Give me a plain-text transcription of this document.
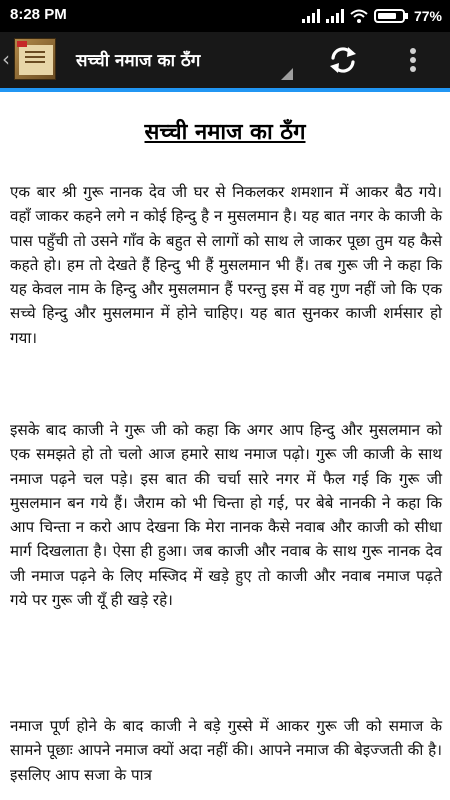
8:28 PM	77%
‹	सच्ची नमाज का ठँग
सच्ची नमाज का ठँग

एक बार श्री गुरू नानक देव जी घर से निकलकर शमशान में आकर बैठ गये। वहाँ जाकर कहने लगे न कोई हिन्दु है न मुसलमान है। यह बात नगर के काजी के पास पहुँची तो उसने गाँव के बहुत से लागों को साथ ले जाकर पूछा तुम यह कैसे कहते हो। हम तो देखते हैं हिन्दु भी हैं मुसलमान भी हैं। तब गुरू जी ने कहा कि यह केवल नाम के हिन्दु और मुसलमान हैं परन्तु इस में वह गुण नहीं जो कि एक सच्चे हिन्दु और मुसलमान में होने चाहिए। यह बात सुनकर काजी शर्मसार हो गया।

इसके बाद काजी ने गुरू जी को कहा कि अगर आप हिन्दु और मुसलमान को एक समझते हो तो चलो आज हमारे साथ नमाज पढ़ो। गुरू जी काजी के साथ नमाज पढ़ने चल पड़े। इस बात की चर्चा सारे नगर में फैल गई कि गुरू जी मुसलमान बन गये हैं। जैराम को भी चिन्ता हो गई, पर बेबे नानकी ने कहा कि आप चिन्ता न करो आप देखना कि मेरा नानक कैसे नवाब और काजी को सीधा मार्ग दिखलाता है। ऐसा ही हुआ। जब काजी और नवाब के साथ गुरू नानक देव जी नमाज पढ़ने के लिए मस्जिद में खड़े हुए तो काजी और नवाब नमाज पढ़ते गये पर गुरू जी यूँ ही खड़े रहे।

नमाज पूर्ण होने के बाद काजी ने बड़े गुस्से में आकर गुरू जी को समाज के सामने पूछाः आपने नमाज क्यों अदा नहीं की। आपने नमाज की बेइज्जती की है। इसलिए आप सजा के पात्र
